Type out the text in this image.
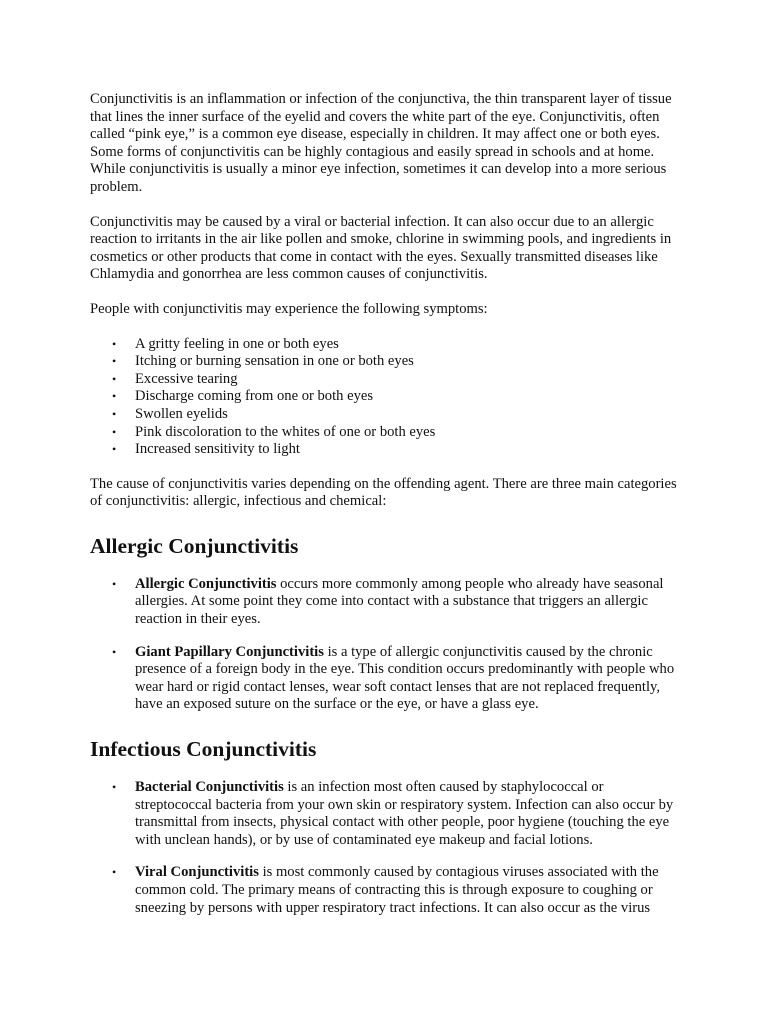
Conjunctivitis is an inflammation or infection of the conjunctiva, the thin transparent layer of tissue that lines the inner surface of the eyelid and covers the white part of the eye. Conjunctivitis, often called “pink eye,” is a common eye disease, especially in children. It may affect one or both eyes. Some forms of conjunctivitis can be highly contagious and easily spread in schools and at home. While conjunctivitis is usually a minor eye infection, sometimes it can develop into a more serious problem.

Conjunctivitis may be caused by a viral or bacterial infection. It can also occur due to an allergic reaction to irritants in the air like pollen and smoke, chlorine in swimming pools, and ingredients in cosmetics or other products that come in contact with the eyes. Sexually transmitted diseases like Chlamydia and gonorrhea are less common causes of conjunctivitis.

People with conjunctivitis may experience the following symptoms:

• A gritty feeling in one or both eyes
• Itching or burning sensation in one or both eyes
• Excessive tearing
• Discharge coming from one or both eyes
• Swollen eyelids
• Pink discoloration to the whites of one or both eyes
• Increased sensitivity to light

The cause of conjunctivitis varies depending on the offending agent. There are three main categories of conjunctivitis: allergic, infectious and chemical:

Allergic Conjunctivitis
• Allergic Conjunctivitis occurs more commonly among people who already have seasonal allergies. At some point they come into contact with a substance that triggers an allergic reaction in their eyes.
• Giant Papillary Conjunctivitis is a type of allergic conjunctivitis caused by the chronic presence of a foreign body in the eye. This condition occurs predominantly with people who wear hard or rigid contact lenses, wear soft contact lenses that are not replaced frequently, have an exposed suture on the surface or the eye, or have a glass eye.
Infectious Conjunctivitis
• Bacterial Conjunctivitis is an infection most often caused by staphylococcal or streptococcal bacteria from your own skin or respiratory system. Infection can also occur by transmittal from insects, physical contact with other people, poor hygiene (touching the eye with unclean hands), or by use of contaminated eye makeup and facial lotions.
• Viral Conjunctivitis is most commonly caused by contagious viruses associated with the common cold. The primary means of contracting this is through exposure to coughing or sneezing by persons with upper respiratory tract infections. It can also occur as the virus
